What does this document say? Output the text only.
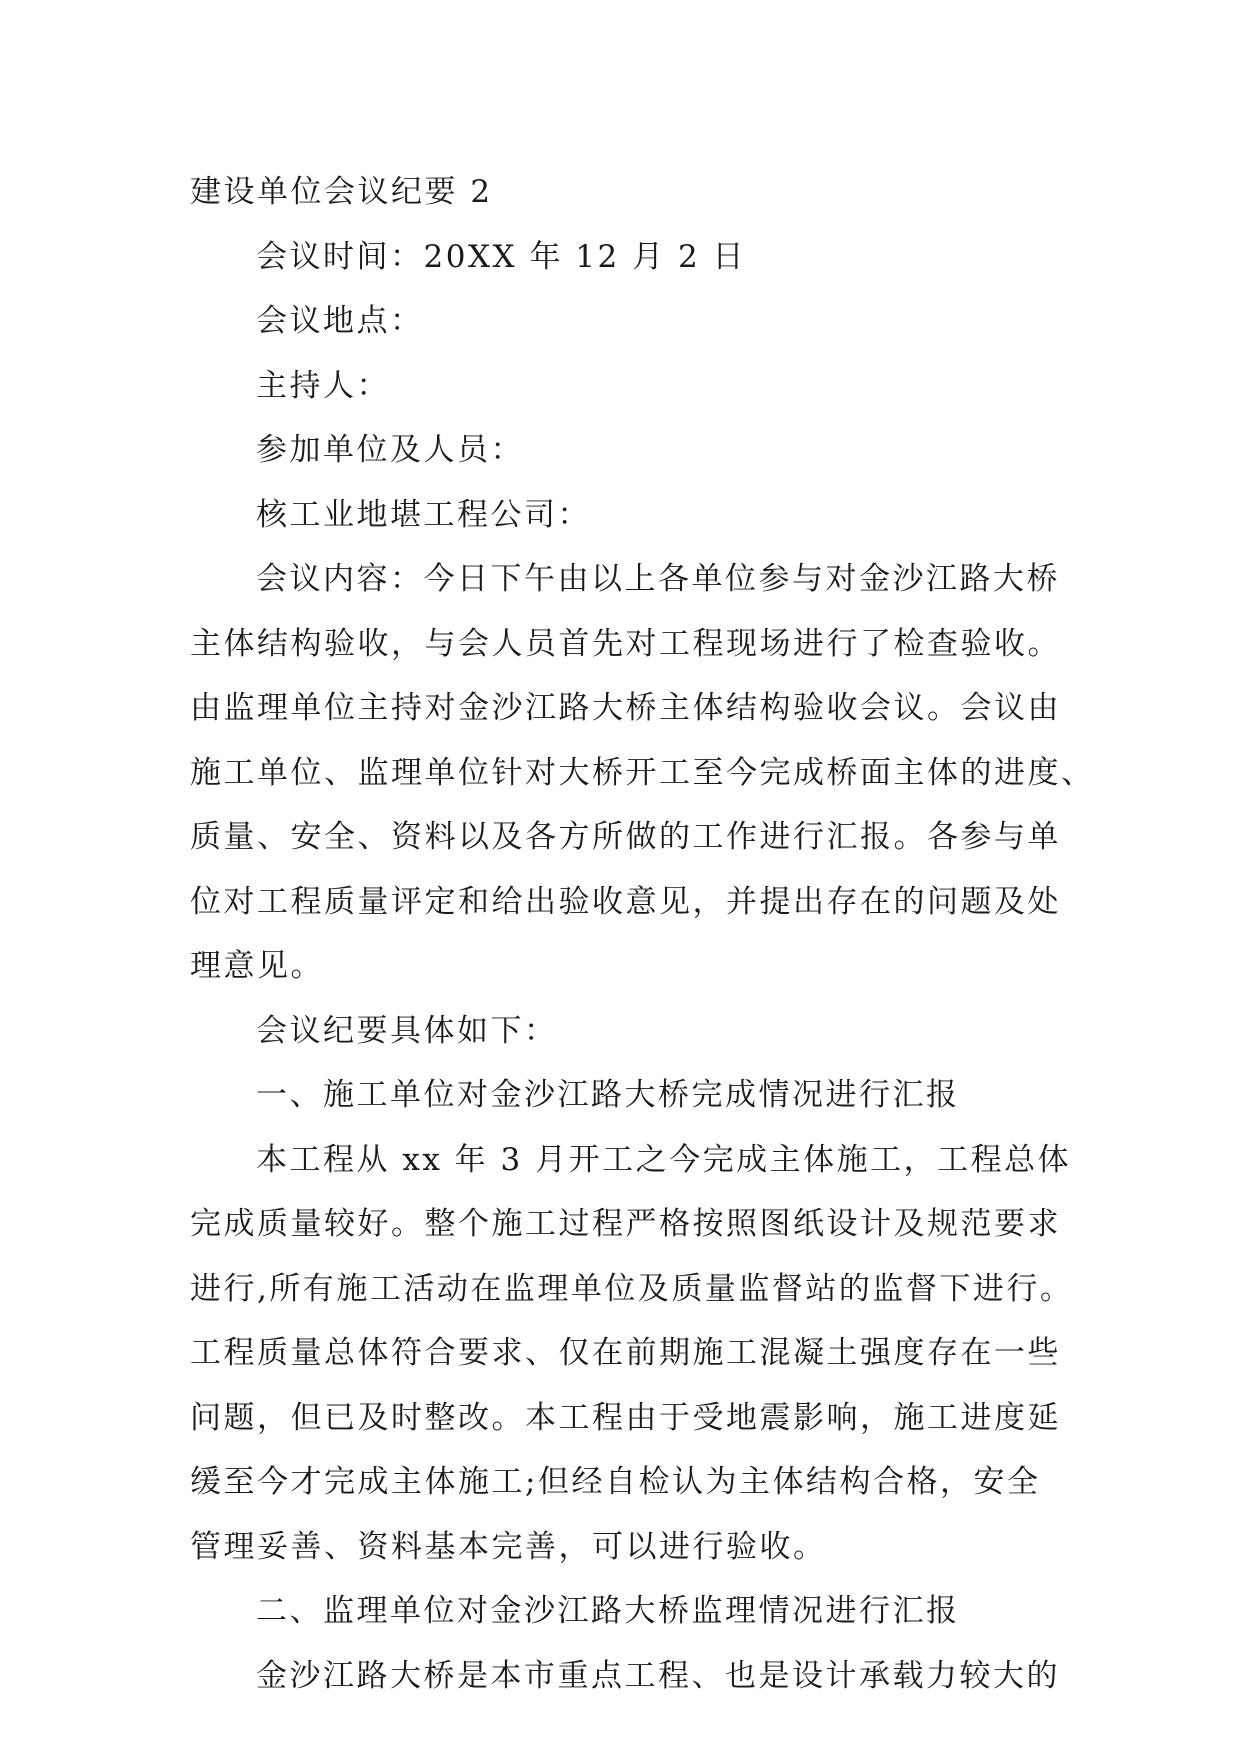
建设单位会议纪要 2
会议时间：20XX 年 12 月 2 日
会议地点：
主持人：
参加单位及人员：
核工业地堪工程公司：
会议内容：今日下午由以上各单位参与对金沙江路大桥
主体结构验收，与会人员首先对工程现场进行了检查验收。
由监理单位主持对金沙江路大桥主体结构验收会议。会议由
施工单位、监理单位针对大桥开工至今完成桥面主体的进度、
质量、安全、资料以及各方所做的工作进行汇报。各参与单
位对工程质量评定和给出验收意见，并提出存在的问题及处
理意见。
会议纪要具体如下：
一、施工单位对金沙江路大桥完成情况进行汇报
本工程从 xx 年 3 月开工之今完成主体施工，工程总体
完成质量较好。整个施工过程严格按照图纸设计及规范要求
进行,所有施工活动在监理单位及质量监督站的监督下进行。
工程质量总体符合要求、仅在前期施工混凝土强度存在一些
问题，但已及时整改。本工程由于受地震影响，施工进度延
缓至今才完成主体施工;但经自检认为主体结构合格，安全
管理妥善、资料基本完善，可以进行验收。
二、监理单位对金沙江路大桥监理情况进行汇报
金沙江路大桥是本市重点工程、也是设计承载力较大的
